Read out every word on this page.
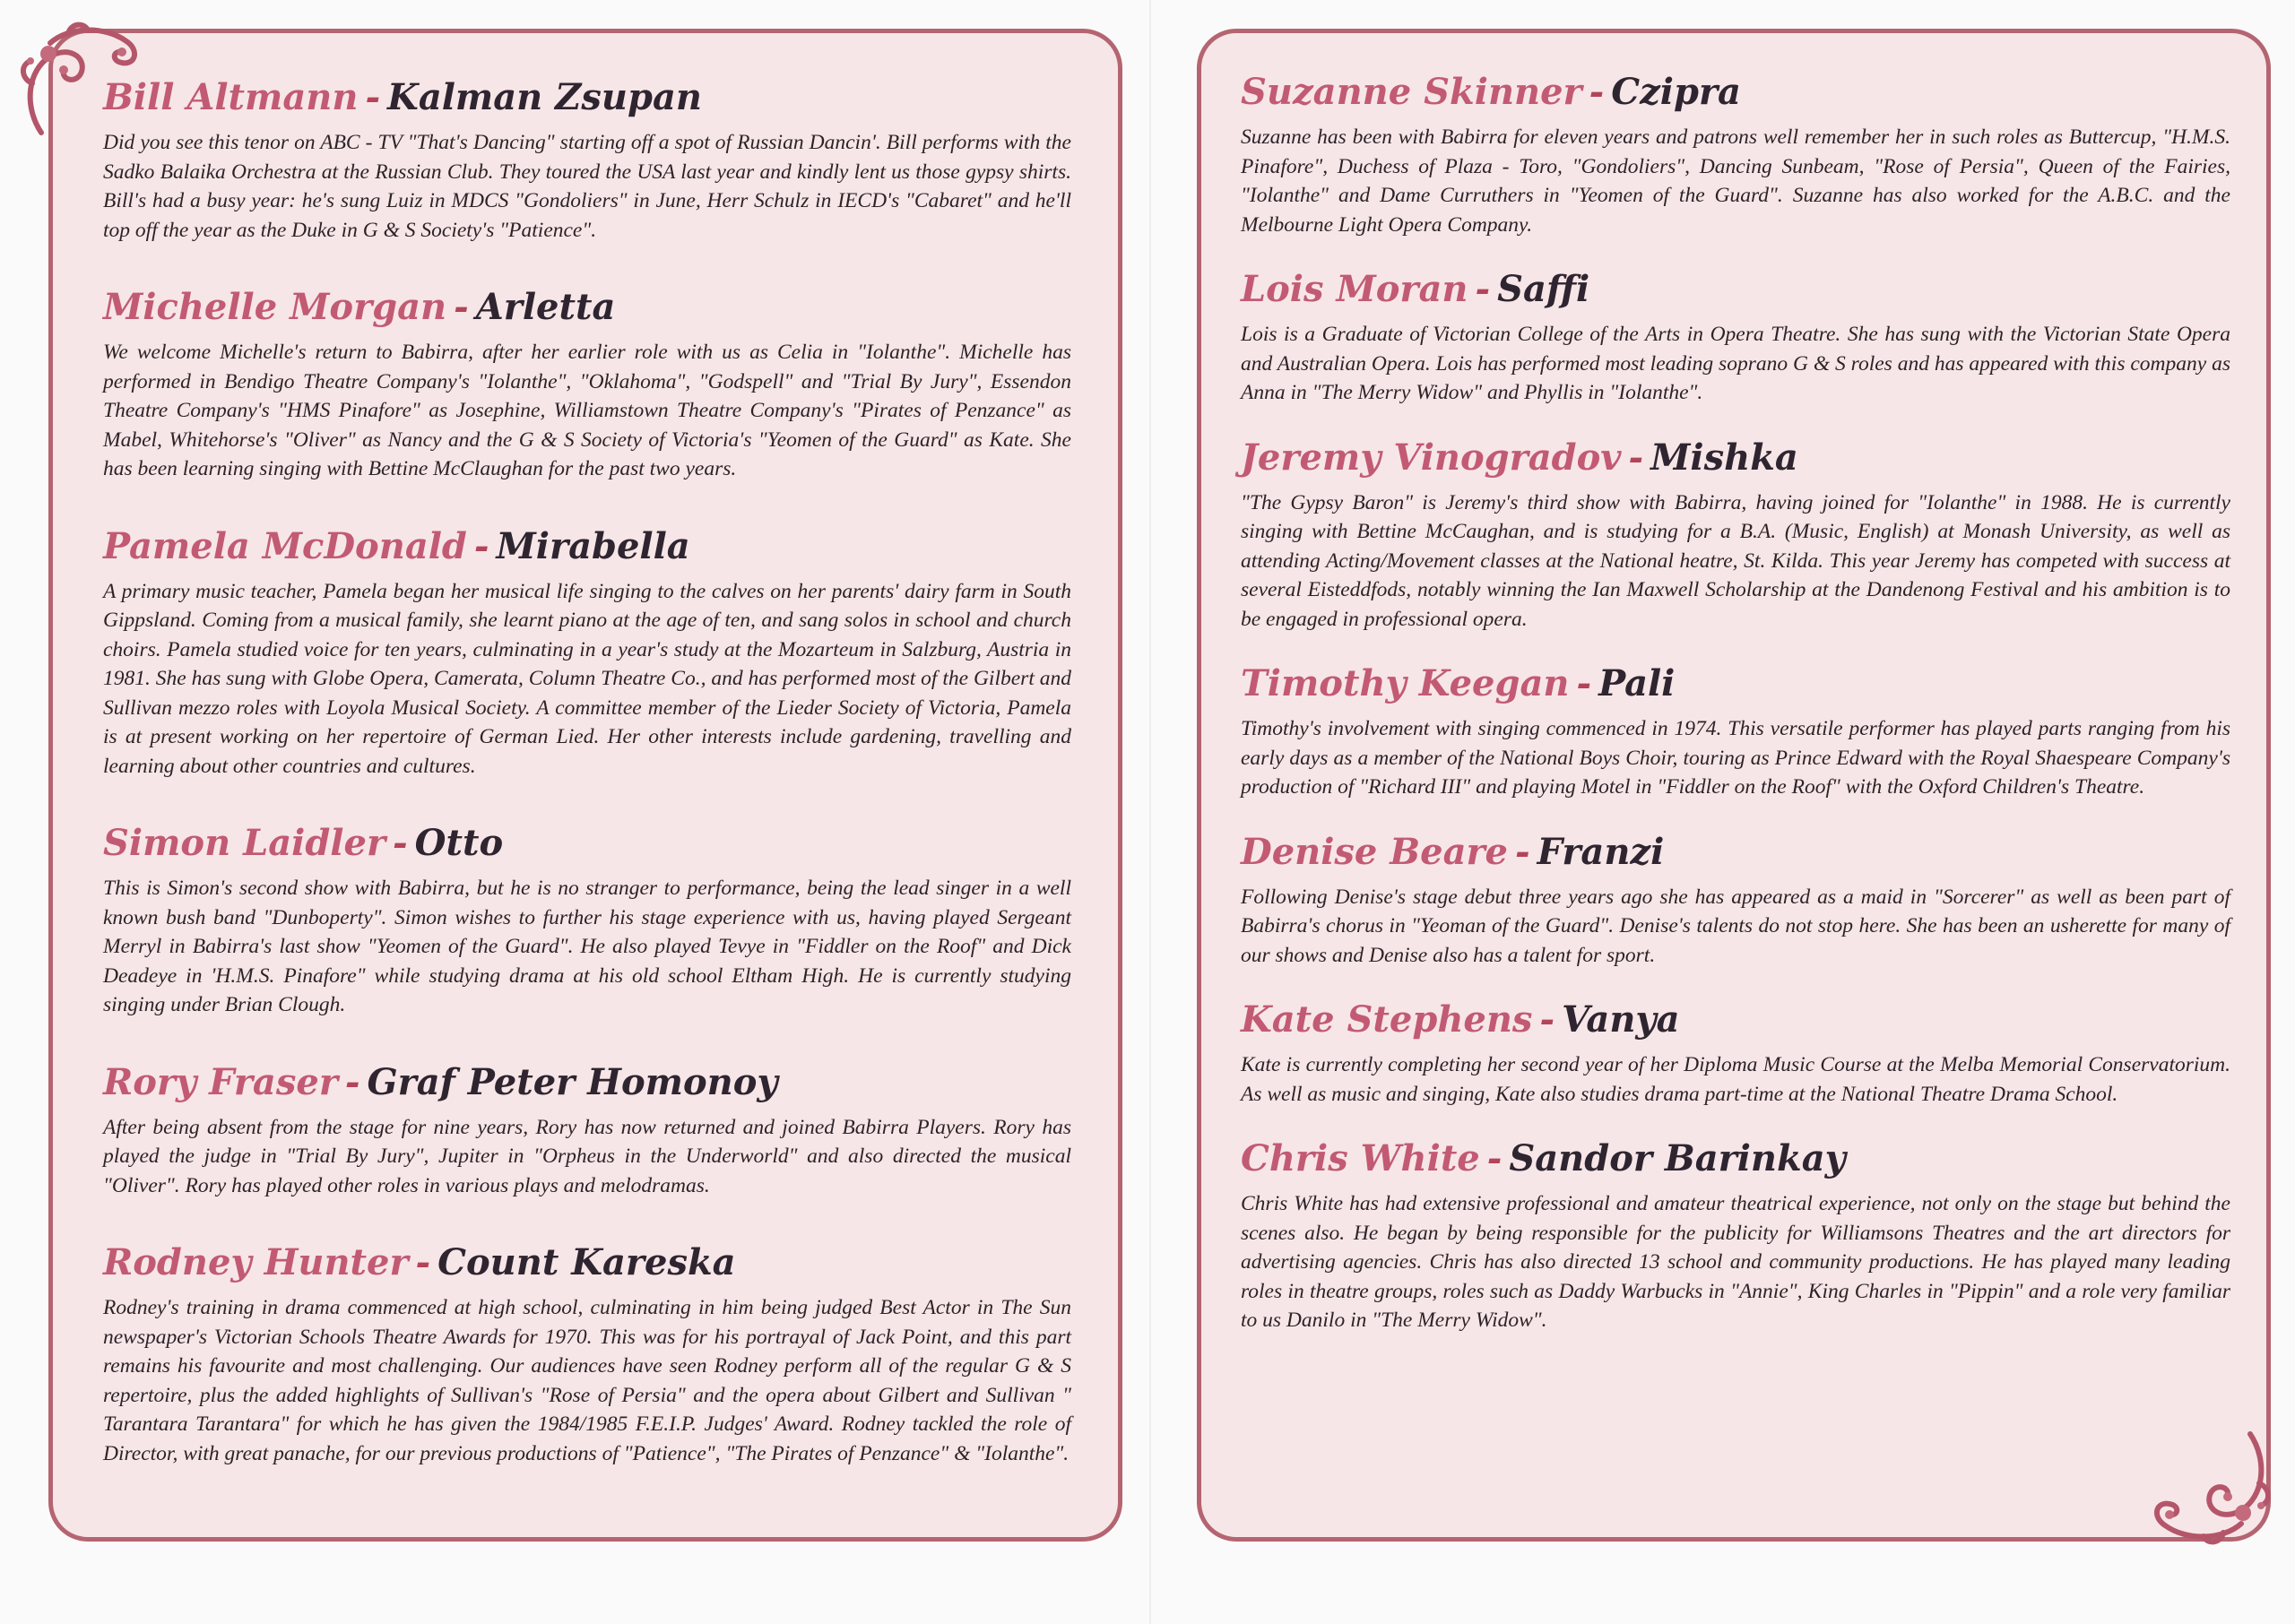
Bill Altmann - Kalman Zsupan

Did you see this tenor on ABC - TV "That's Dancing" starting off a spot of Russian Dancin'. Bill performs with the Sadko Balaika Orchestra at the Russian Club. They toured the USA last year and kindly lent us those gypsy shirts. Bill's had a busy year: he's sung Luiz in MDCS "Gondoliers" in June, Herr Schulz in IECD's "Cabaret" and he'll top off the year as the Duke in G & S Society's "Patience".

Michelle Morgan - Arletta

We welcome Michelle's return to Babirra, after her earlier role with us as Celia in "Iolanthe". Michelle has performed in Bendigo Theatre Company's "Iolanthe", "Oklahoma", "Godspell" and "Trial By Jury", Essendon Theatre Company's "HMS Pinafore" as Josephine, Williamstown Theatre Company's "Pirates of Penzance" as Mabel, Whitehorse's "Oliver" as Nancy and the G & S Society of Victoria's "Yeomen of the Guard" as Kate. She has been learning singing with Bettine McClaughan for the past two years.

Pamela McDonald - Mirabella

A primary music teacher, Pamela began her musical life singing to the calves on her parents' dairy farm in South Gippsland. Coming from a musical family, she learnt piano at the age of ten, and sang solos in school and church choirs. Pamela studied voice for ten years, culminating in a year's study at the Mozarteum in Salzburg, Austria in 1981. She has sung with Globe Opera, Camerata, Column Theatre Co., and has performed most of the Gilbert and Sullivan mezzo roles with Loyola Musical Society. A committee member of the Lieder Society of Victoria, Pamela is at present working on her repertoire of German Lied. Her other interests include gardening, travelling and learning about other countries and cultures.

Simon Laidler - Otto

This is Simon's second show with Babirra, but he is no stranger to performance, being the lead singer in a well known bush band "Dunboperty". Simon wishes to further his stage experience with us, having played Sergeant Merryl in Babirra's last show "Yeomen of the Guard". He also played Tevye in "Fiddler on the Roof" and Dick Deadeye in 'H.M.S. Pinafore" while studying drama at his old school Eltham High. He is currently studying singing under Brian Clough.

Rory Fraser - Graf Peter Homonoy

After being absent from the stage for nine years, Rory has now returned and joined Babirra Players. Rory has played the judge in "Trial By Jury", Jupiter in "Orpheus in the Underworld" and also directed the musical "Oliver". Rory has played other roles in various plays and melodramas.

Rodney Hunter - Count Kareska

Rodney's training in drama commenced at high school, culminating in him being judged Best Actor in The Sun newspaper's Victorian Schools Theatre Awards for 1970. This was for his portrayal of Jack Point, and this part remains his favourite and most challenging. Our audiences have seen Rodney perform all of the regular G & S repertoire, plus the added highlights of Sullivan's "Rose of Persia" and the opera about Gilbert and Sullivan " Tarantara Tarantara" for which he has given the 1984/1985 F.E.I.P. Judges' Award. Rodney tackled the role of Director, with great panache, for our previous productions of "Patience", "The Pirates of Penzance" & "Iolanthe".

Suzanne Skinner - Czipra

Suzanne has been with Babirra for eleven years and patrons well remember her in such roles as Buttercup, "H.M.S. Pinafore", Duchess of Plaza - Toro, "Gondoliers", Dancing Sunbeam, "Rose of Persia", Queen of the Fairies, "Iolanthe" and Dame Curruthers in "Yeomen of the Guard". Suzanne has also worked for the A.B.C. and the Melbourne Light Opera Company.

Lois Moran - Saffi

Lois is a Graduate of Victorian College of the Arts in Opera Theatre. She has sung with the Victorian State Opera and Australian Opera. Lois has performed most leading soprano G & S roles and has appeared with this company as Anna in "The Merry Widow" and Phyllis in "Iolanthe".

Jeremy Vinogradov - Mishka

"The Gypsy Baron" is Jeremy's third show with Babirra, having joined for "Iolanthe" in 1988. He is currently singing with Bettine McCaughan, and is studying for a B.A. (Music, English) at Monash University, as well as attending Acting/Movement classes at the National heatre, St. Kilda. This year Jeremy has competed with success at several Eisteddfods, notably winning the Ian Maxwell Scholarship at the Dandenong Festival and his ambition is to be engaged in professional opera.

Timothy Keegan - Pali

Timothy's involvement with singing commenced in 1974. This versatile performer has played parts ranging from his early days as a member of the National Boys Choir, touring as Prince Edward with the Royal Shaespeare Company's production of "Richard III" and playing Motel in "Fiddler on the Roof" with the Oxford Children's Theatre.

Denise Beare - Franzi

Following Denise's stage debut three years ago she has appeared as a maid in "Sorcerer" as well as been part of Babirra's chorus in "Yeoman of the Guard". Denise's talents do not stop here. She has been an usherette for many of our shows and Denise also has a talent for sport.

Kate Stephens - Vanya

Kate is currently completing her second year of her Diploma Music Course at the Melba Memorial Conservatorium. As well as music and singing, Kate also studies drama part-time at the National Theatre Drama School.

Chris White - Sandor Barinkay

Chris White has had extensive professional and amateur theatrical experience, not only on the stage but behind the scenes also. He began by being responsible for the publicity for Williamsons Theatres and the art directors for advertising agencies. Chris has also directed 13 school and community productions. He has played many leading roles in theatre groups, roles such as Daddy Warbucks in "Annie", King Charles in "Pippin" and a role very familiar to us Danilo in "The Merry Widow".
